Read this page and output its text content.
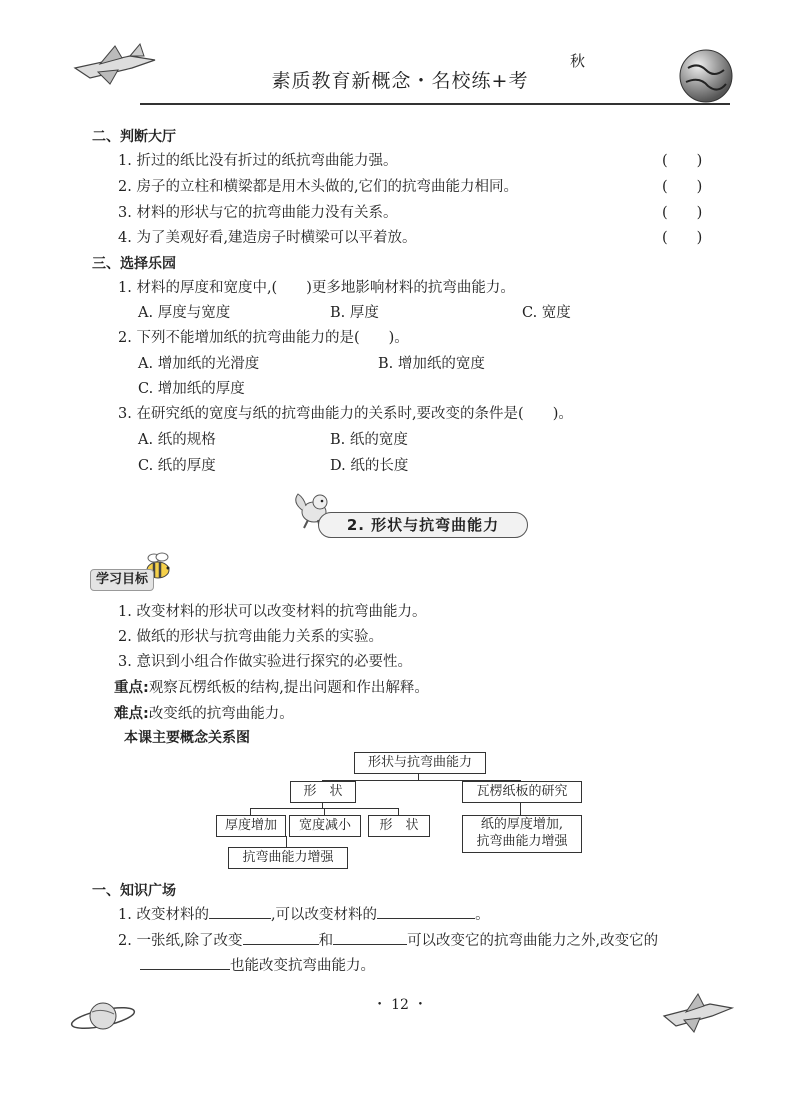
素质教育新概念・名校练+考
秋
二、判断大厅
1. 折过的纸比没有折过的纸抗弯曲能力强。	(　　)
2. 房子的立柱和横梁都是用木头做的,它们的抗弯曲能力相同。	(　　)
3. 材料的形状与它的抗弯曲能力没有关系。	(　　)
4. 为了美观好看,建造房子时横梁可以平着放。	(　　)
三、选择乐园
1. 材料的厚度和宽度中,(　　)更多地影响材料的抗弯曲能力。
A. 厚度与宽度	B. 厚度	C. 宽度
2. 下列不能增加纸的抗弯曲能力的是(　　)。
A. 增加纸的光滑度	B. 增加纸的宽度
C. 增加纸的厚度
3. 在研究纸的宽度与纸的抗弯曲能力的关系时,要改变的条件是(　　)。
A. 纸的规格	B. 纸的宽度
C. 纸的厚度	D. 纸的长度
2. 形状与抗弯曲能力
学习目标
1. 改变材料的形状可以改变材料的抗弯曲能力。
2. 做纸的形状与抗弯曲能力关系的实验。
3. 意识到小组合作做实验进行探究的必要性。
重点:观察瓦楞纸板的结构,提出问题和作出解释。
难点:改变纸的抗弯曲能力。
本课主要概念关系图
形状与抗弯曲能力
形　状	瓦楞纸板的研究
厚度增加	宽度减小	形　状	纸的厚度增加,
抗弯曲能力增强
抗弯曲能力增强
一、知识广场
1. 改变材料的	,可以改变材料的	。
2. 一张纸,除了改变	和	可以改变它的抗弯曲能力之外,改变它的
也能改变抗弯曲能力。
・ 12 ・
